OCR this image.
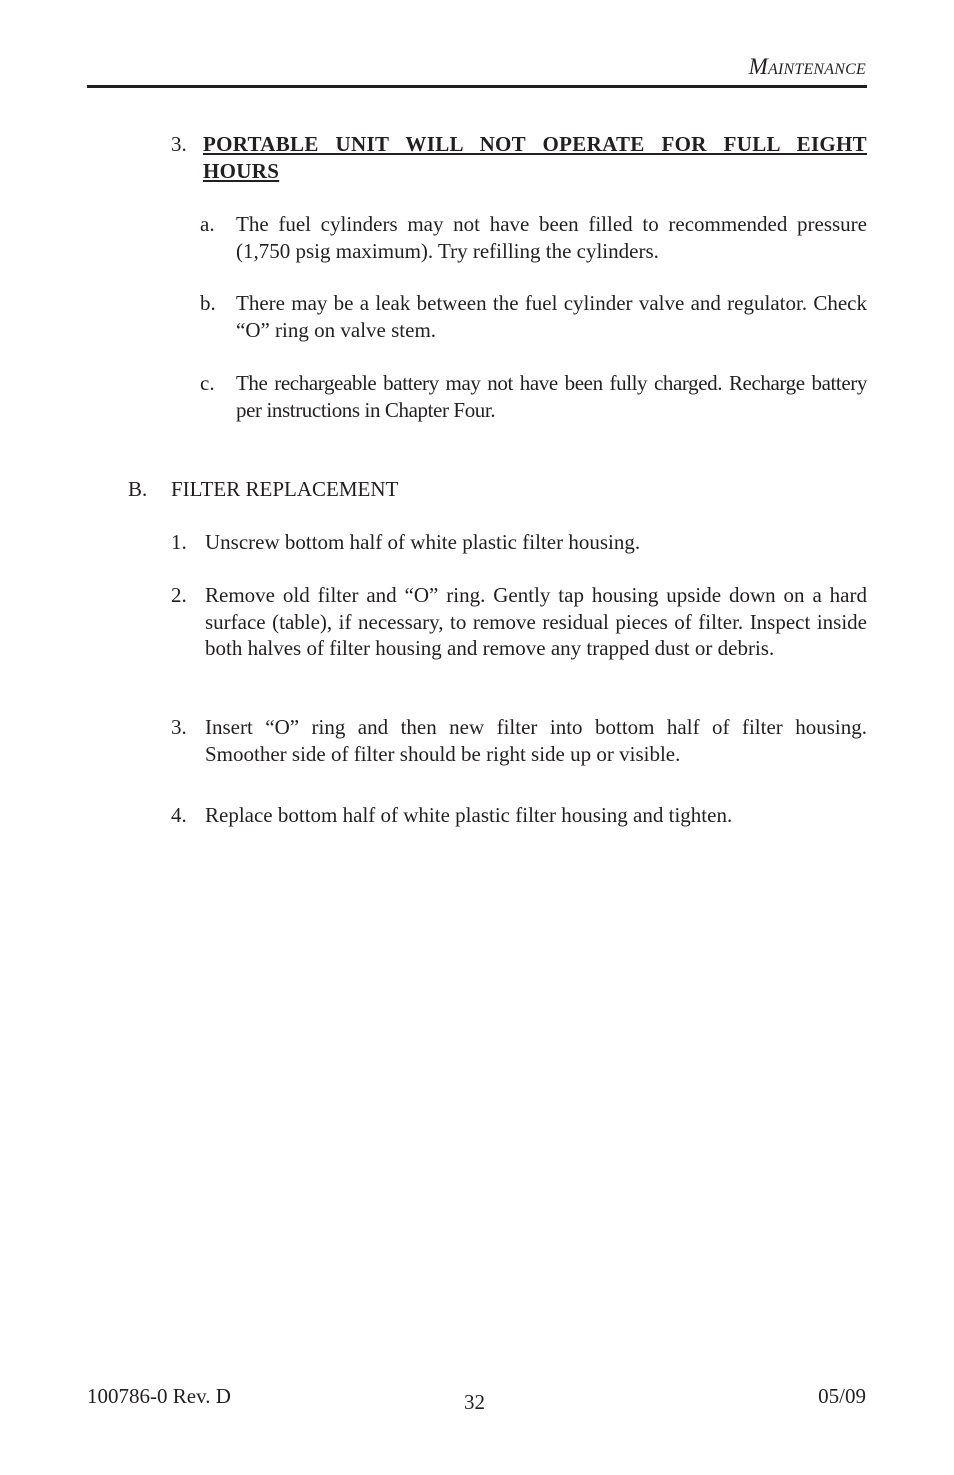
Maintenance
3. PORTABLE UNIT WILL NOT OPERATE FOR FULL EIGHT HOURS
a. The fuel cylinders may not have been filled to recommended pressure (1,750 psig maximum). Try refilling the cylinders.
b. There may be a leak between the fuel cylinder valve and regulator. Check “O” ring on valve stem.
c. The rechargeable battery may not have been fully charged. Recharge battery per instructions in Chapter Four.
B. FILTER REPLACEMENT
1. Unscrew bottom half of white plastic filter housing.
2. Remove old filter and “O” ring. Gently tap housing upside down on a hard surface (table), if necessary, to remove residual pieces of filter. Inspect inside both halves of filter housing and remove any trapped dust or debris.
3. Insert “O” ring and then new filter into bottom half of filter housing. Smoother side of filter should be right side up or visible.
4. Replace bottom half of white plastic filter housing and tighten.
100786-0 Rev. D	32	05/09
